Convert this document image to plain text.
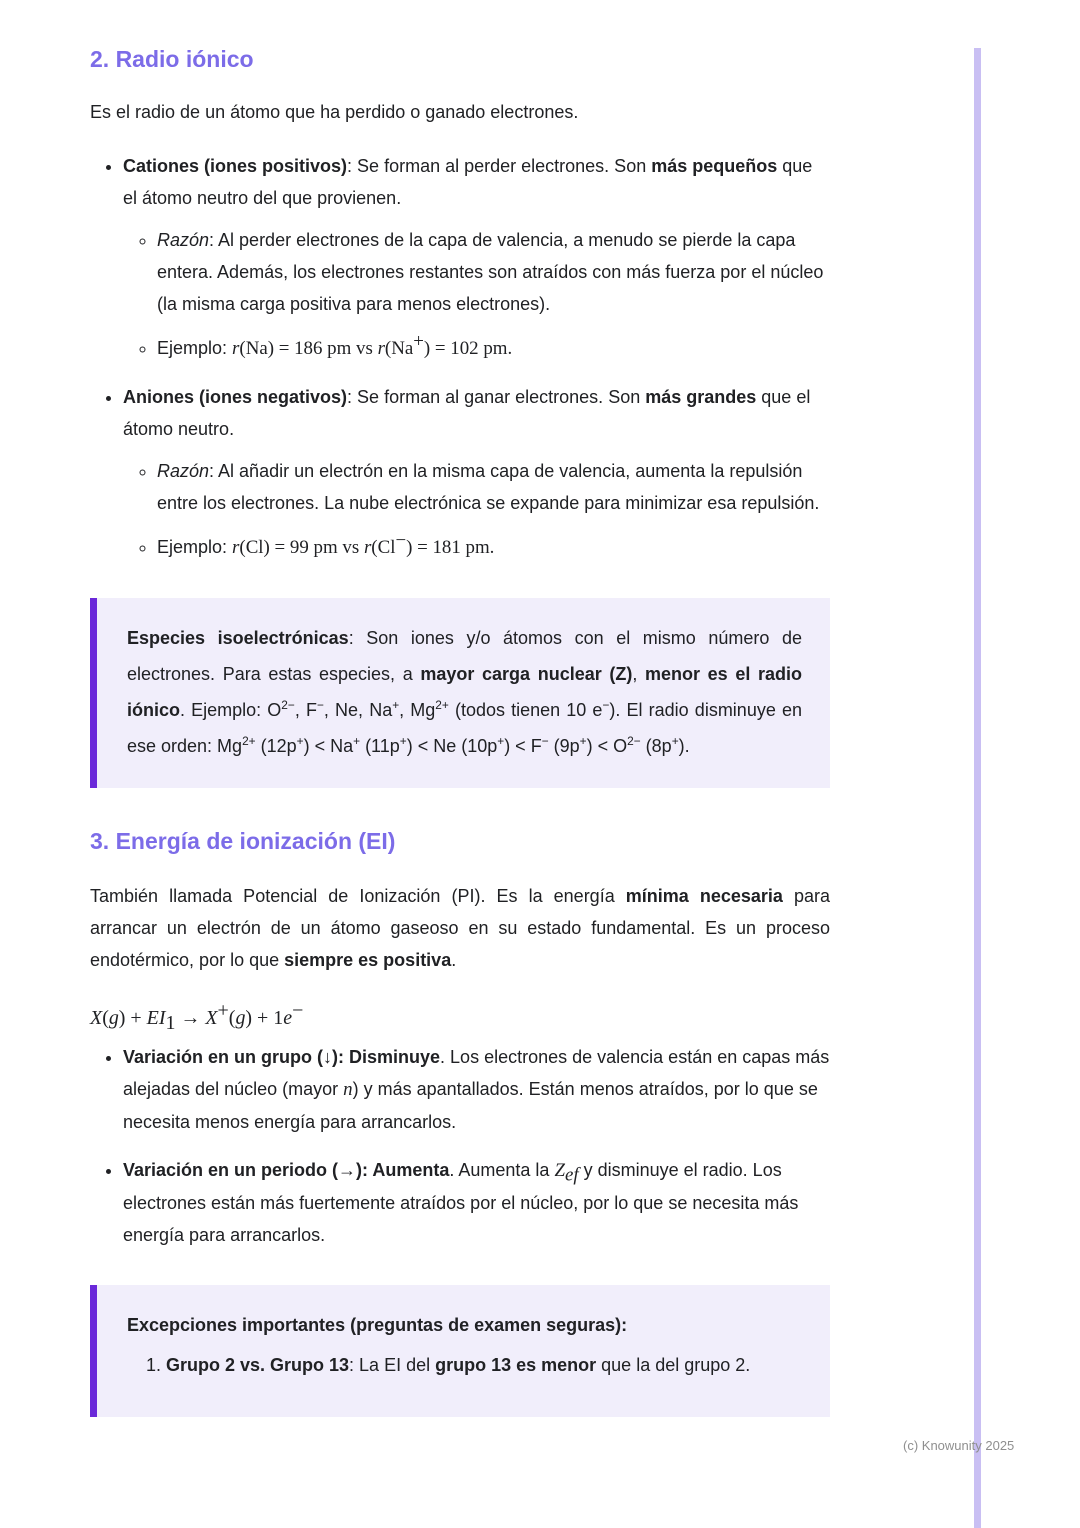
2. Radio iónico

Es el radio de un átomo que ha perdido o ganado electrones.

• Cationes (iones positivos): Se forman al perder electrones. Son más pequeños que el átomo neutro del que provienen.
◦ Razón: Al perder electrones de la capa de valencia, a menudo se pierde la capa entera. Además, los electrones restantes son atraídos con más fuerza por el núcleo (la misma carga positiva para menos electrones).
◦ Ejemplo: r(Na) = 186 pm vs r(Na+) = 102 pm.
• Aniones (iones negativos): Se forman al ganar electrones. Son más grandes que el átomo neutro.
◦ Razón: Al añadir un electrón en la misma capa de valencia, aumenta la repulsión entre los electrones. La nube electrónica se expande para minimizar esa repulsión.
◦ Ejemplo: r(Cl) = 99 pm vs r(Cl−) = 181 pm.

Especies isoelectrónicas: Son iones y/o átomos con el mismo número de electrones. Para estas especies, a mayor carga nuclear (Z), menor es el radio iónico. Ejemplo: $O^{2-}$, F−, Ne, Na+, $Mg^{2+}$ (todos tienen 10 e−). El radio disminuye en ese orden: $Mg^{2+}$ (12p+) < Na+ (11p+) < Ne (10p+) < F− $(9p^+) < O^{2-}$ (8p+).

3. Energía de ionización (EI)

También llamada Potencial de Ionización (PI). Es la energía mínima necesaria para arrancar un electrón de un átomo gaseoso en su estado fundamental. Es un proceso endotérmico, por lo que siempre es positiva.

$X(g) + EI_1 \to X^+(g) + 1e^-$

• Variación en un grupo (↓): Disminuye. Los electrones de valencia están en capas más alejadas del núcleo (mayor n) y más apantallados. Están menos atraídos, por lo que se necesita menos energía para arrancarlos.
• Variación en un periodo (→): Aumenta. Aumenta la $Z_{ef}$ y disminuye el radio. Los electrones están más fuertemente atraídos por el núcleo, por lo que se necesita más energía para arrancarlos.

Excepciones importantes (preguntas de examen seguras):

1. Grupo 2 vs. Grupo 13: La EI del grupo 13 es menor que la del grupo 2.
(c) Knowunity 2025
